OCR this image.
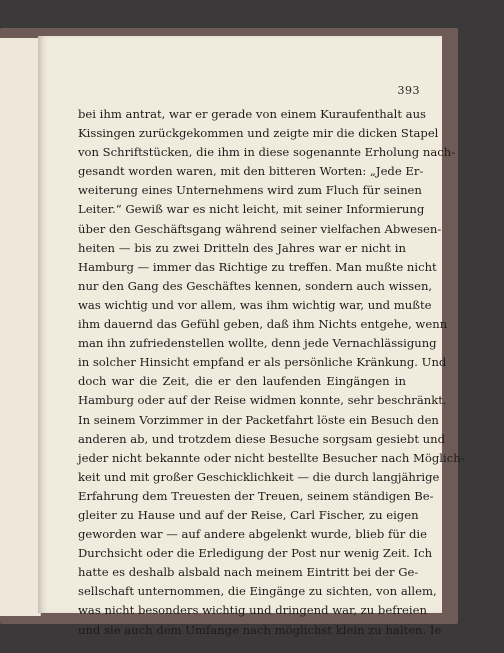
393
bei ihm antrat, war er gerade von einem Kuraufenthalt aus
Kissingen zurückgekommen und zeigte mir die dicken Stapel
von Schriftstücken, die ihm in diese sogenannte Erholung nach-
gesandt worden waren, mit den bitteren Worten: „Jede Er-
weiterung eines Unternehmens wird zum Fluch für seinen
Leiter.“ Gewiß war es nicht leicht, mit seiner Informierung
über den Geschäftsgang während seiner vielfachen Abwesen-
heiten — bis zu zwei Dritteln des Jahres war er nicht in
Hamburg — immer das Richtige zu treffen. Man mußte nicht
nur den Gang des Geschäftes kennen, sondern auch wissen,
was wichtig und vor allem, was ihm wichtig war, und mußte
ihm dauernd das Gefühl geben, daß ihm Nichts entgehe, wenn
man ihn zufriedenstellen wollte, denn jede Vernachlässigung
in solcher Hinsicht empfand er als persönliche Kränkung. Und
doch war die Zeit, die er den laufenden Eingängen in
Hamburg oder auf der Reise widmen konnte, sehr beschränkt.
In seinem Vorzimmer in der Packetfahrt löste ein Besuch den
anderen ab, und trotzdem diese Besuche sorgsam gesiebt und
jeder nicht bekannte oder nicht bestellte Besucher nach Möglich-
keit und mit großer Geschicklichkeit — die durch langjährige
Erfahrung dem Treuesten der Treuen, seinem ständigen Be-
gleiter zu Hause und auf der Reise, Carl Fischer, zu eigen
geworden war — auf andere abgelenkt wurde, blieb für die
Durchsicht oder die Erledigung der Post nur wenig Zeit. Ich
hatte es deshalb alsbald nach meinem Eintritt bei der Ge-
sellschaft unternommen, die Eingänge zu sichten, von allem,
was nicht besonders wichtig und dringend war, zu befreien
und sie auch dem Umfange nach möglichst klein zu halten. Ie
